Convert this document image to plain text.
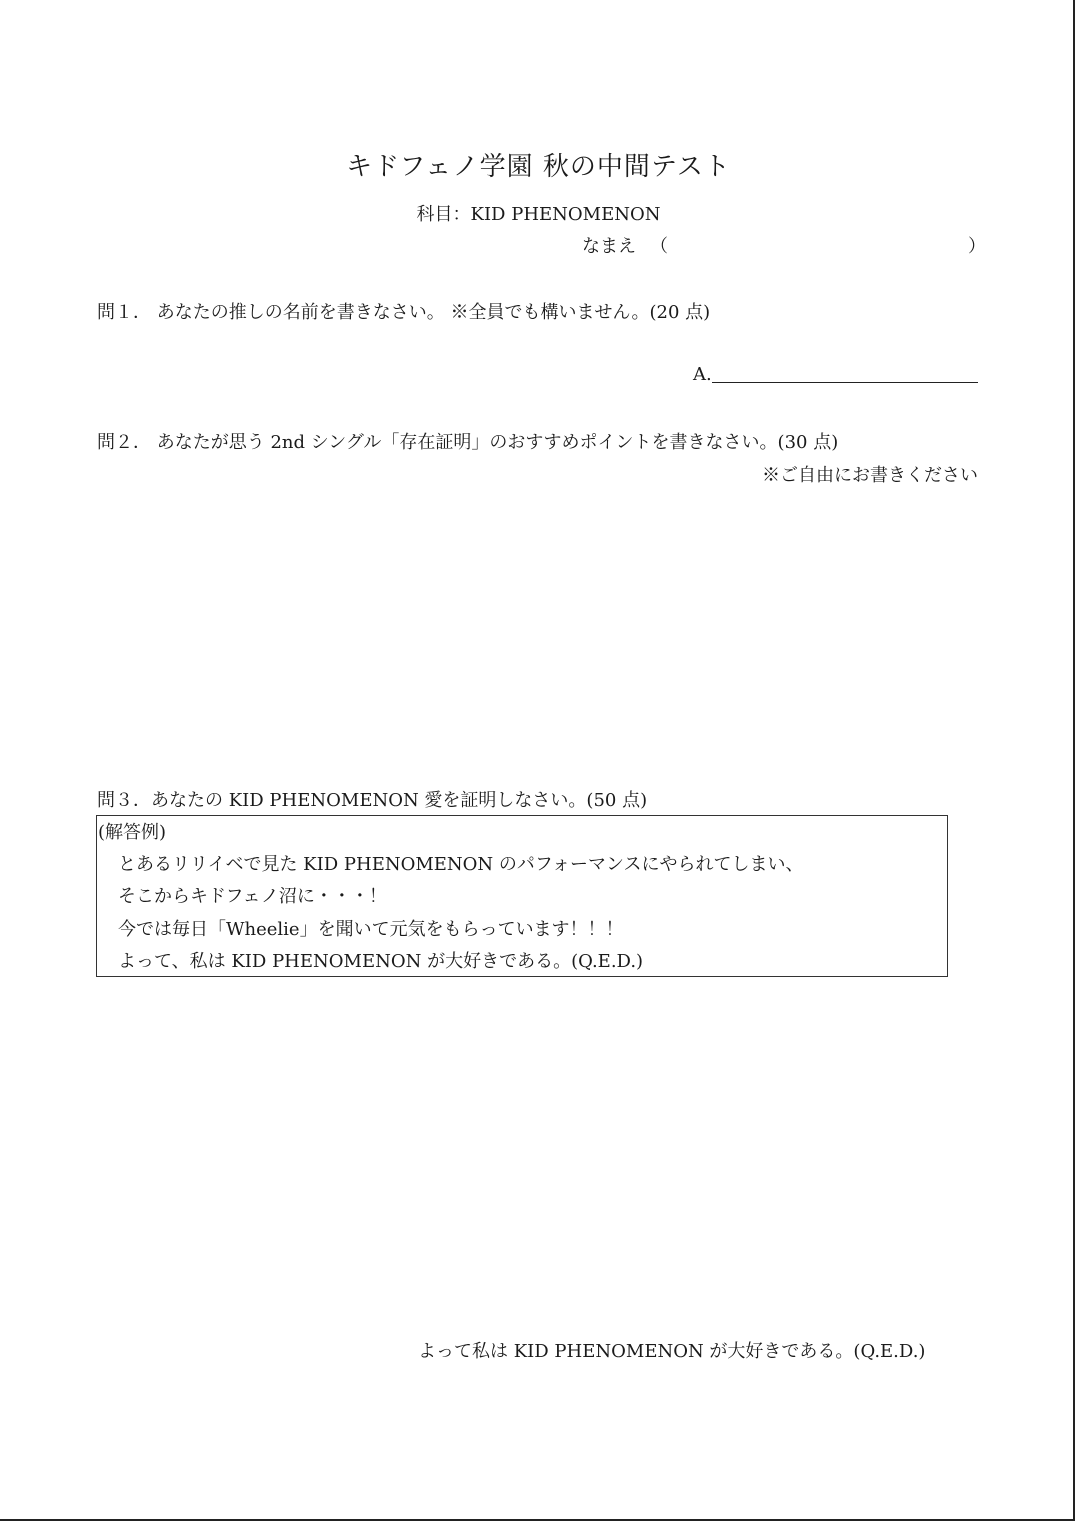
キドフェノ学園 秋の中間テスト
科目：KID PHENOMENON
なまえ （	）
問１． あなたの推しの名前を書きなさい。 ※全員でも構いません。(20 点)
A.
問２． あなたが思う 2nd シングル「存在証明」のおすすめポイントを書きなさい。(30 点)
※ご自由にお書きください
問３．あなたの KID PHENOMENON 愛を証明しなさい。(50 点)
(解答例)
とあるリリイベで見た KID PHENOMENON のパフォーマンスにやられてしまい、
そこからキドフェノ沼に・・・！
今では毎日「Wheelie」を聞いて元気をもらっています！！！
よって、私は KID PHENOMENON が大好きである。(Q.E.D.)
よって私は KID PHENOMENON が大好きである。(Q.E.D.)
